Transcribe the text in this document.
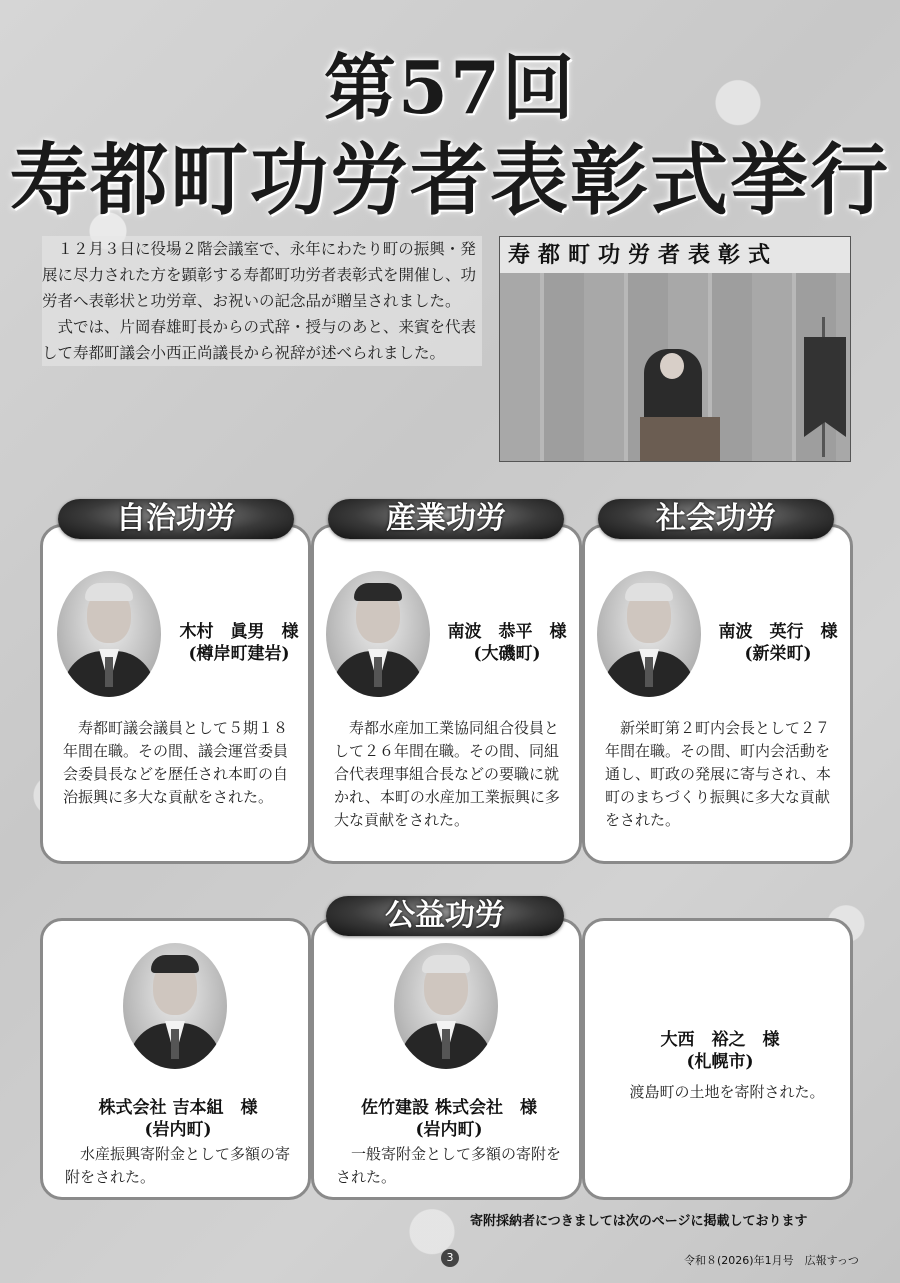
第57回
寿都町功労者表彰式挙行

１２月３日に役場２階会議室で、永年にわたり町の振興・発展に尽力された方を顕彰する寿都町功労者表彰式を開催し、功労者へ表彰状と功労章、お祝いの記念品が贈呈されました。

式では、片岡春雄町長からの式辞・授与のあと、来賓を代表して寿都町議会小西正尚議長から祝辞が述べられました。

寿都町功労者表彰式
木村　眞男　様
(樽岸町建岩)
寿都町議会議員として５期１８年間在職。その間、議会運営委員会委員長などを歴任され本町の自治振興に多大な貢献をされた。
南波　恭平　様
(大磯町)
寿都水産加工業協同組合役員として２６年間在職。その間、同組合代表理事組合長などの要職に就かれ、本町の水産加工業振興に多大な貢献をされた。
南波　英行　様
(新栄町)
新栄町第２町内会長として２７年間在職。その間、町内会活動を通し、町政の発展に寄与され、本町のまちづくり振興に多大な貢献をされた。
株式会社 吉本組　様
(岩内町)
水産振興寄附金として多額の寄附をされた。
佐竹建設 株式会社　様
(岩内町)
一般寄附金として多額の寄附をされた。
大西　裕之　様
(札幌市)
渡島町の土地を寄附された。
自治功労	産業功労	社会功労
公益功労
寄附採納者につきましては次のページに掲載しております
3	令和８(2026)年1月号　広報すっつ
